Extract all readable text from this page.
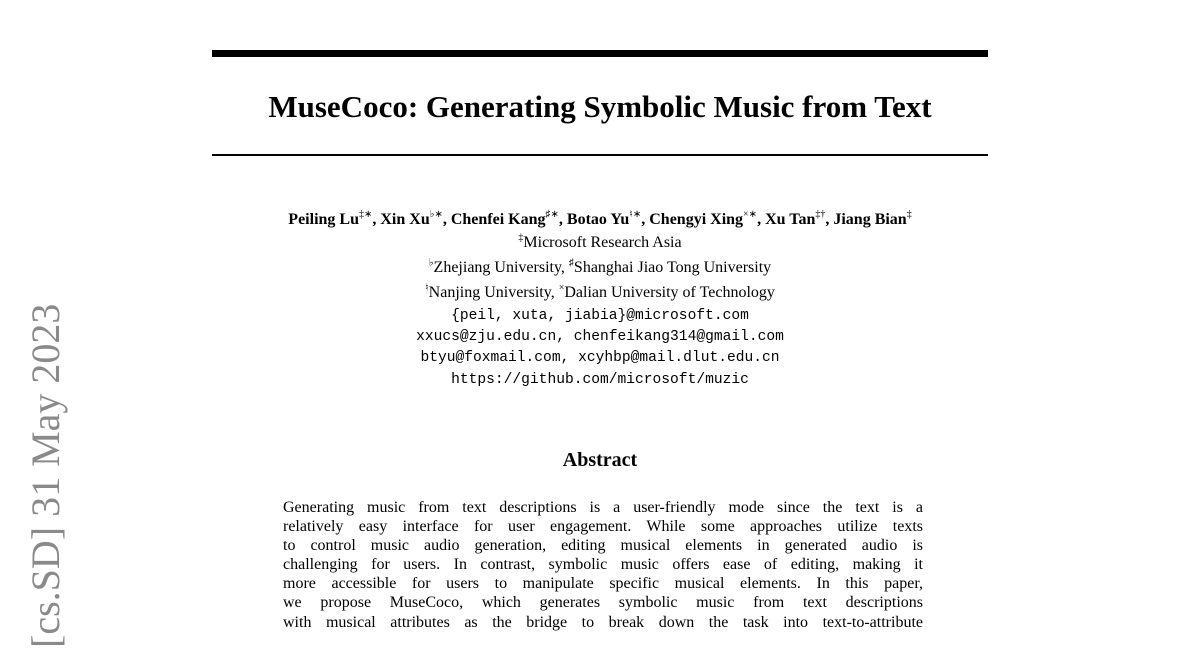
MuseCoco: Generating Symbolic Music from Text
Peiling Lu‡∗, Xin Xu♭∗, Chenfei Kang♯∗, Botao Yu♮∗, Chengyi Xing×∗, Xu Tan‡†, Jiang Bian‡
‡Microsoft Research Asia
♭Zhejiang University, ♯Shanghai Jiao Tong University
♮Nanjing University, ×Dalian University of Technology
{peil, xuta, jiabia}@microsoft.com
xxucs@zju.edu.cn, chenfeikang314@gmail.com
btyu@foxmail.com, xcyhbp@mail.dlut.edu.cn
https://github.com/microsoft/muzic
Abstract
Generating music from text descriptions is a user-friendly mode since the text is a
relatively easy interface for user engagement. While some approaches utilize texts
to control music audio generation, editing musical elements in generated audio is
challenging for users. In contrast, symbolic music offers ease of editing, making it
more accessible for users to manipulate specific musical elements. In this paper,
we propose MuseCoco, which generates symbolic music from text descriptions
with musical attributes as the bridge to break down the task into text-to-attribute
[cs.SD] 31 May 2023
